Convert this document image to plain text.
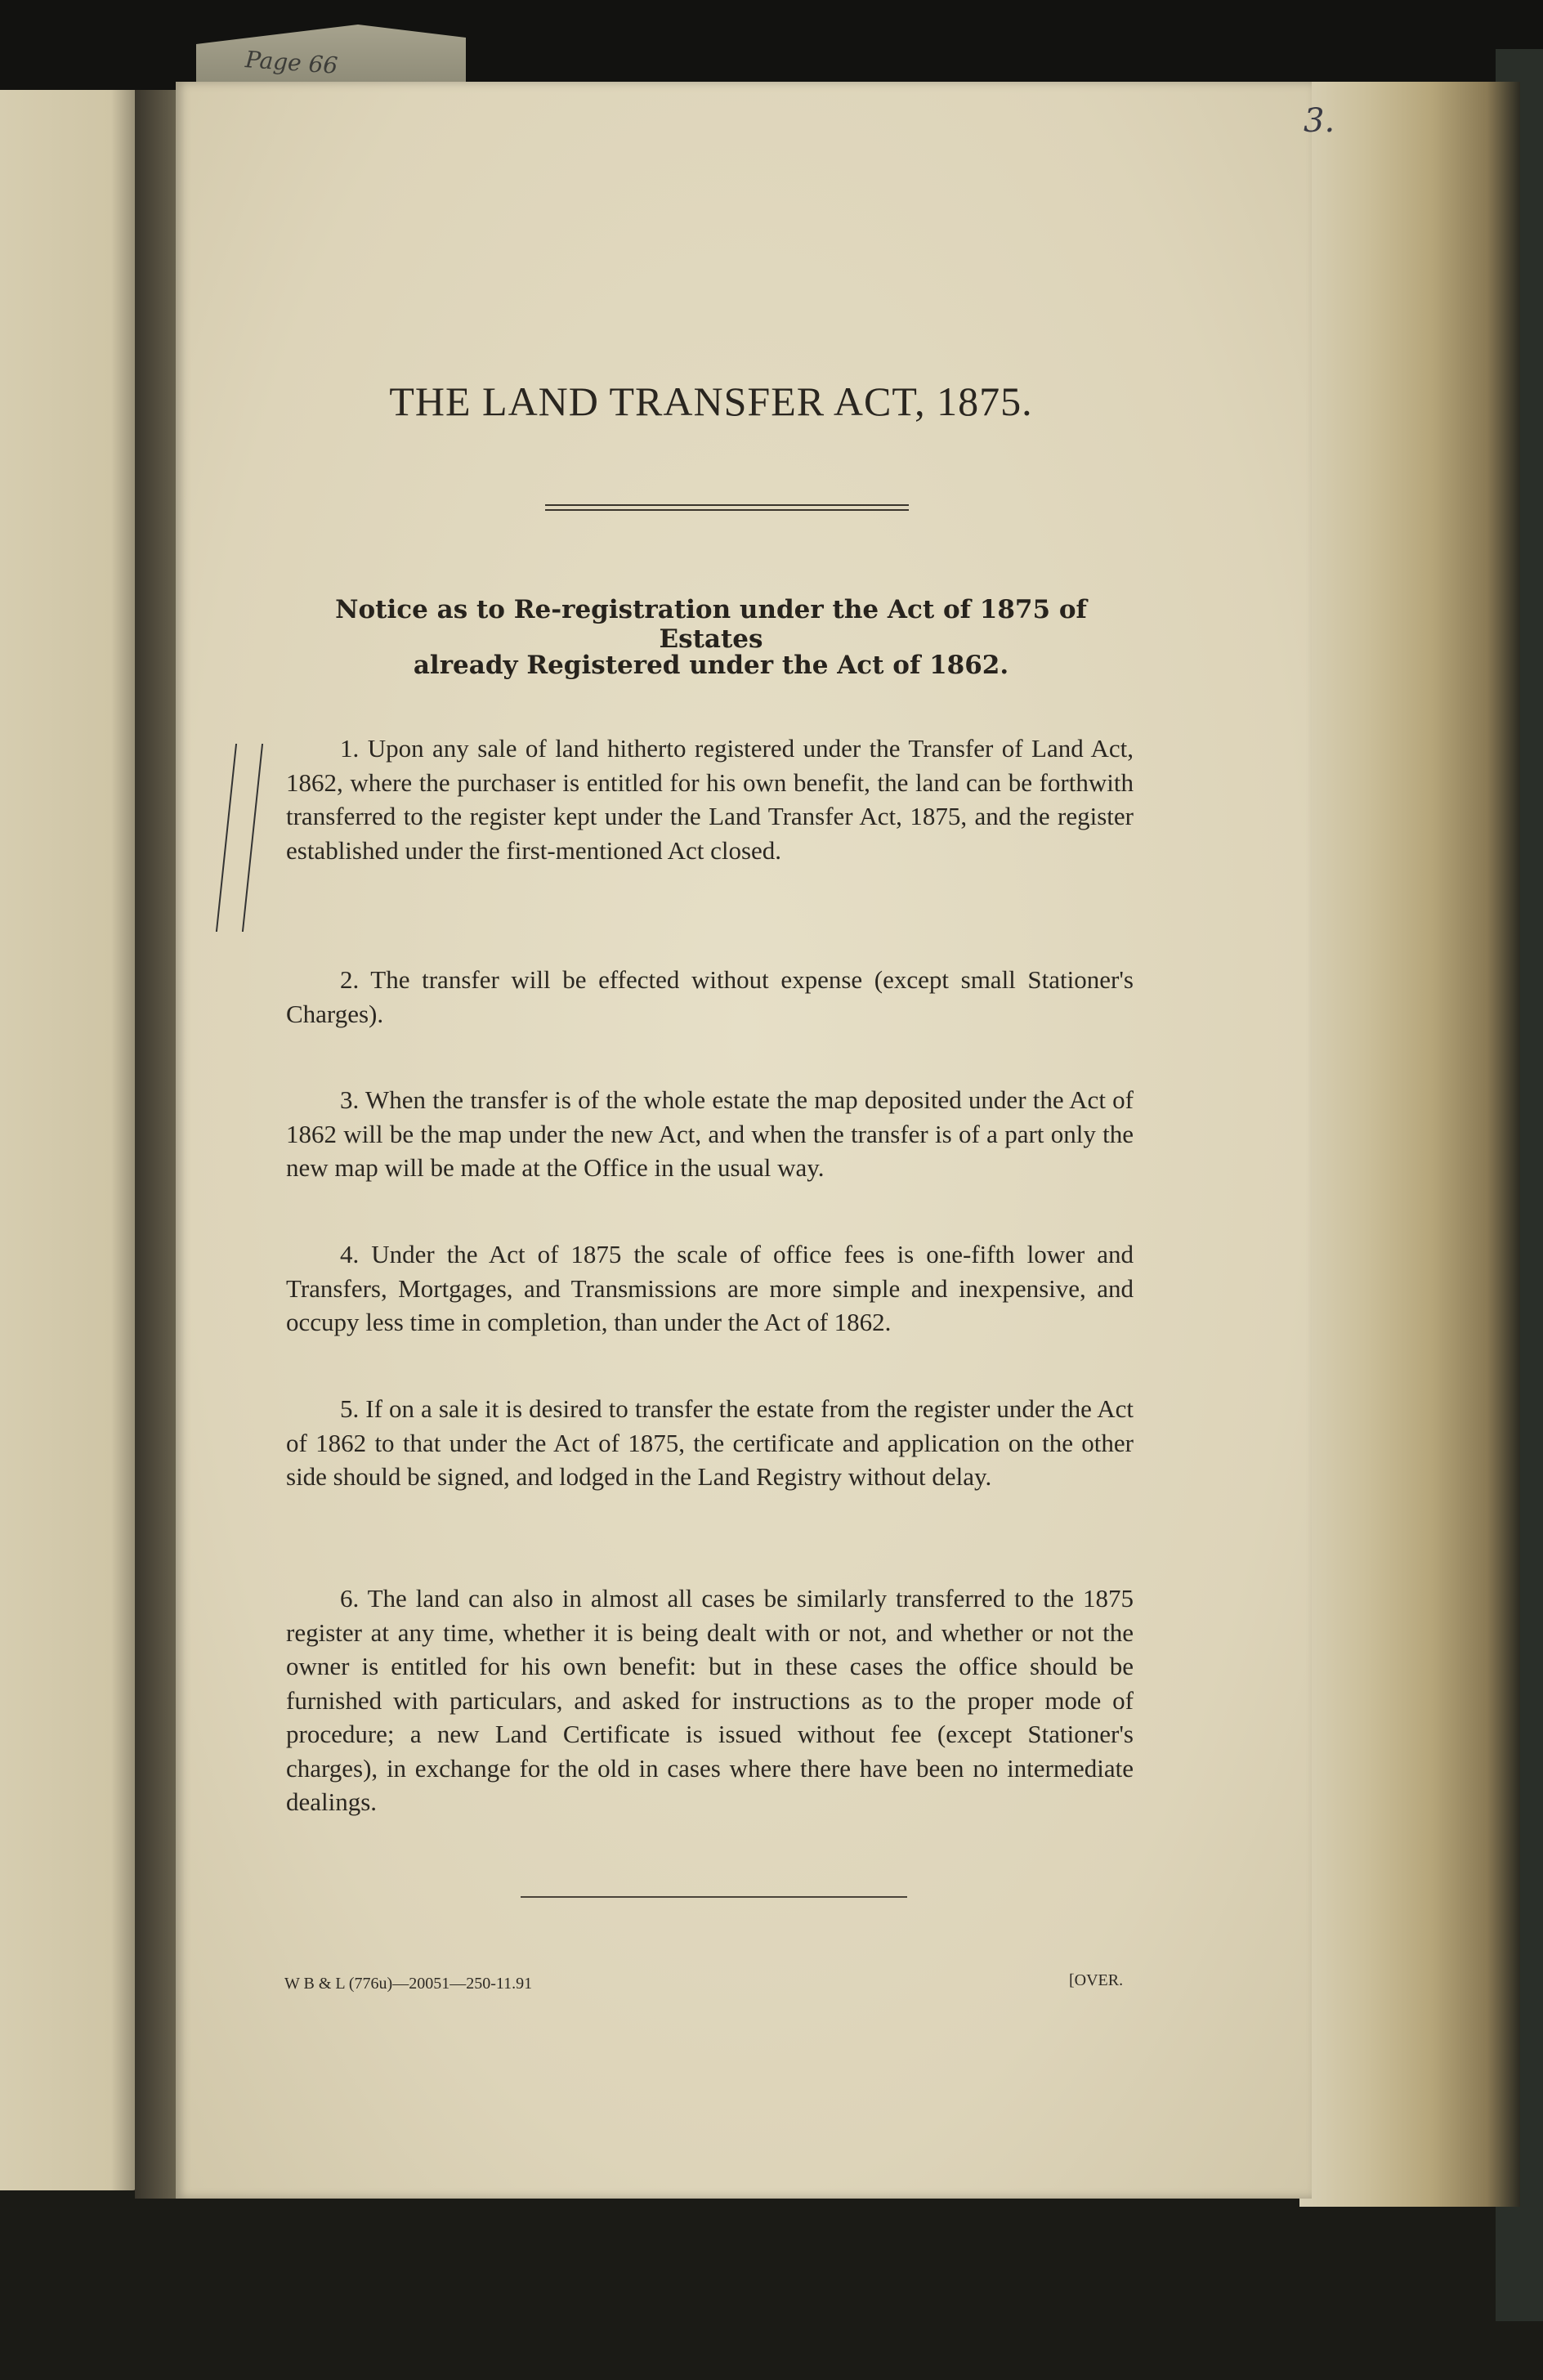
Page 66
3.
THE LAND TRANSFER ACT, 1875.
Notice as to Re-registration under the Act of 1875 of Estates
already Registered under the Act of 1862.

1. Upon any sale of land hitherto registered under the Transfer of Land Act, 1862, where the purchaser is entitled for his own benefit, the land can be forthwith transferred to the register kept under the Land Transfer Act, 1875, and the register established under the first-mentioned Act closed.

2. The transfer will be effected without expense (except small Stationer's Charges).

3. When the transfer is of the whole estate the map deposited under the Act of 1862 will be the map under the new Act, and when the transfer is of a part only the new map will be made at the Office in the usual way.

4. Under the Act of 1875 the scale of office fees is one-fifth lower and Transfers, Mortgages, and Transmissions are more simple and inexpensive, and occupy less time in completion, than under the Act of 1862.

5. If on a sale it is desired to transfer the estate from the register under the Act of 1862 to that under the Act of 1875, the certificate and application on the other side should be signed, and lodged in the Land Registry without delay.

6. The land can also in almost all cases be similarly transferred to the 1875 register at any time, whether it is being dealt with or not, and whether or not the owner is entitled for his own benefit: but in these cases the office should be furnished with particulars, and asked for instructions as to the proper mode of procedure; a new Land Certificate is issued without fee (except Stationer's charges), in exchange for the old in cases where there have been no intermediate dealings.

W B & L (776u)—20051—250-11.91	[OVER.
